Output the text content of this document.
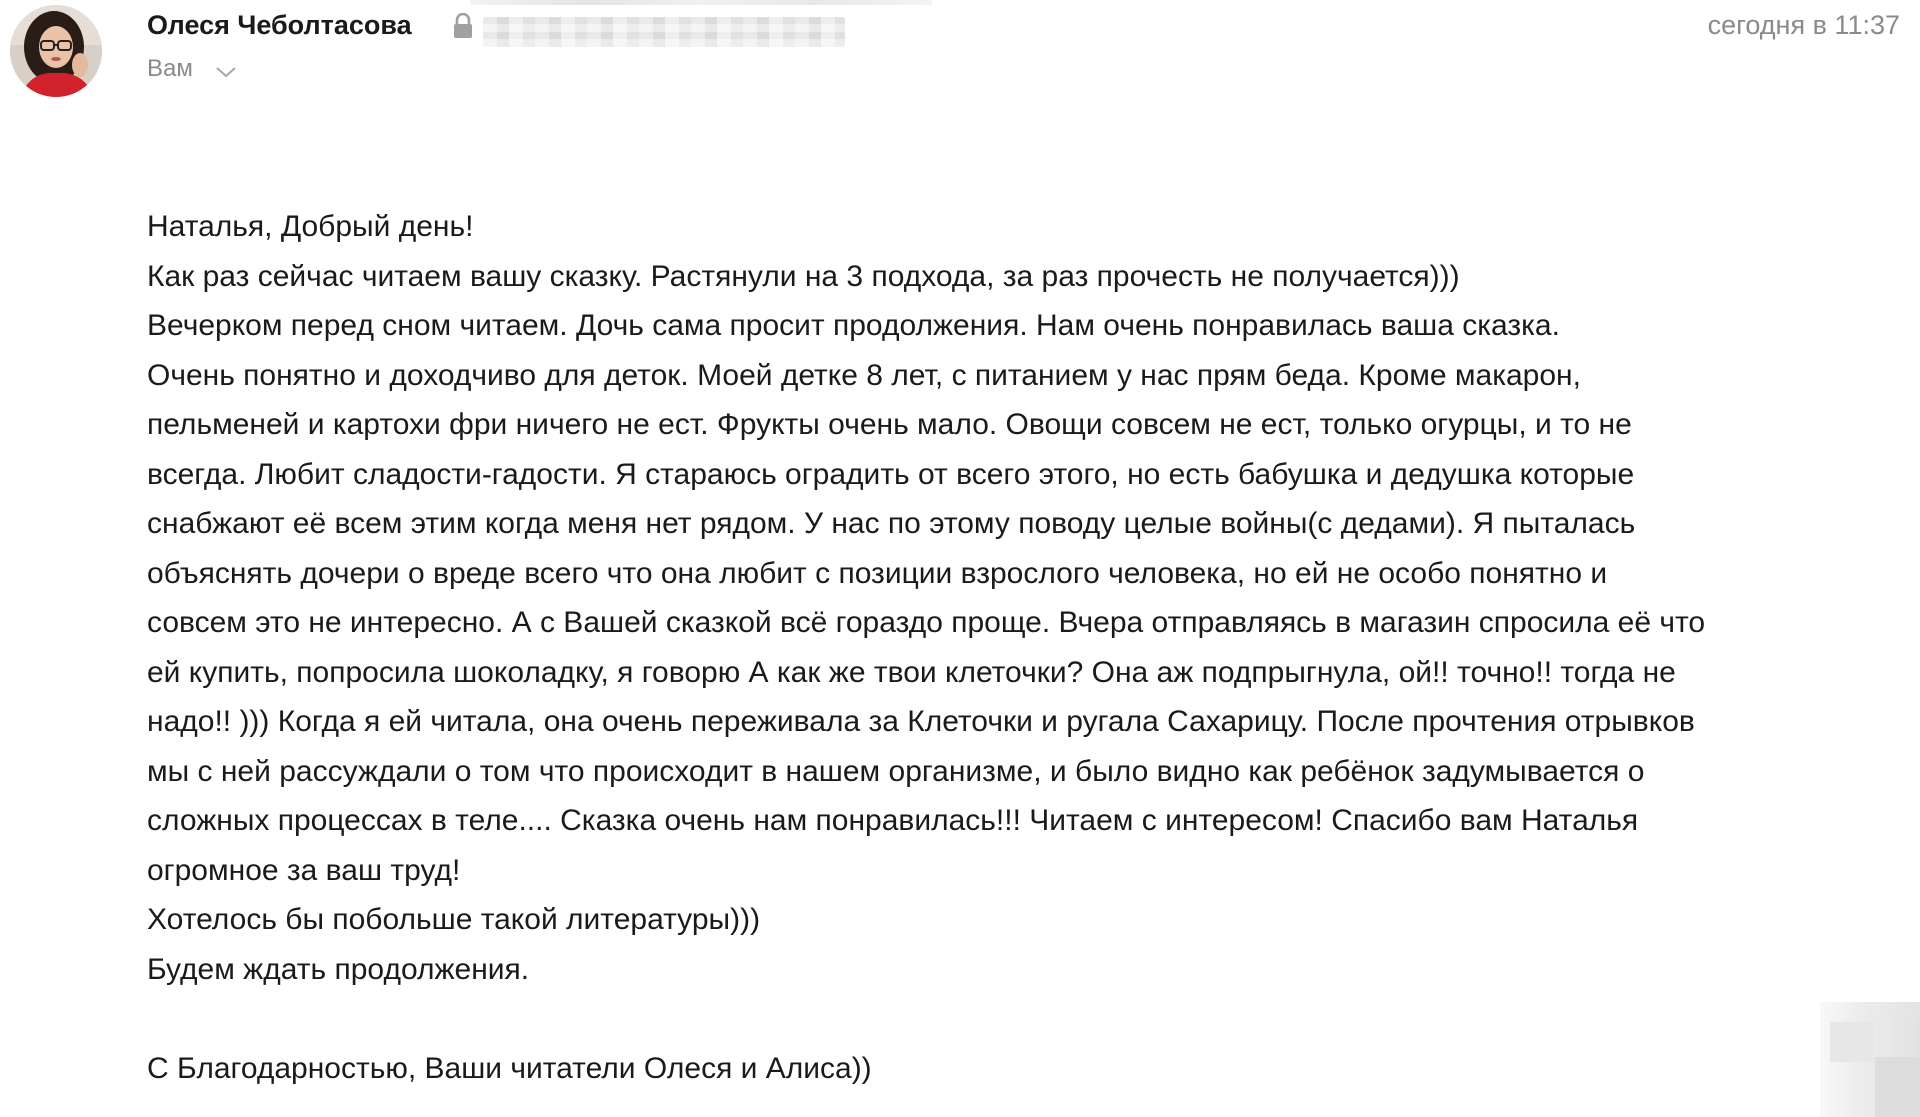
Олеся Чеболтасова	сегодня в 11:37
Вам
Наталья, Добрый день!
Как раз сейчас читаем вашу сказку. Растянули на 3 подхода, за раз прочесть не получается)))
Вечерком перед сном читаем. Дочь сама просит продолжения. Нам очень понравилась ваша сказка.
Очень понятно и доходчиво для деток. Моей детке 8 лет, с питанием у нас прям беда. Кроме макарон,
пельменей и картохи фри ничего не ест. Фрукты очень мало. Овощи совсем не ест, только огурцы, и то не
всегда. Любит сладости-гадости. Я стараюсь оградить от всего этого, но есть бабушка и дедушка которые
снабжают её всем этим когда меня нет рядом. У нас по этому поводу целые войны(с дедами). Я пыталась
объяснять дочери о вреде всего что она любит с позиции взрослого человека, но ей не особо понятно и
совсем это не интересно. А с Вашей сказкой всё гораздо проще. Вчера отправляясь в магазин спросила её что
ей купить, попросила шоколадку, я говорю А как же твои клеточки? Она аж подпрыгнула, ой!! точно!! тогда не
надо!! ))) Когда я ей читала, она очень переживала за Клеточки и ругала Сахарицу. После прочтения отрывков
мы с ней рассуждали о том что происходит в нашем организме, и было видно как ребёнок задумывается о
сложных процессах в теле.... Сказка очень нам понравилась!!! Читаем с интересом! Спасибо вам Наталья
огромное за ваш труд!
Хотелось бы побольше такой литературы)))
Будем ждать продолжения.
С Благодарностью, Ваши читатели Олеся и Алиса))
